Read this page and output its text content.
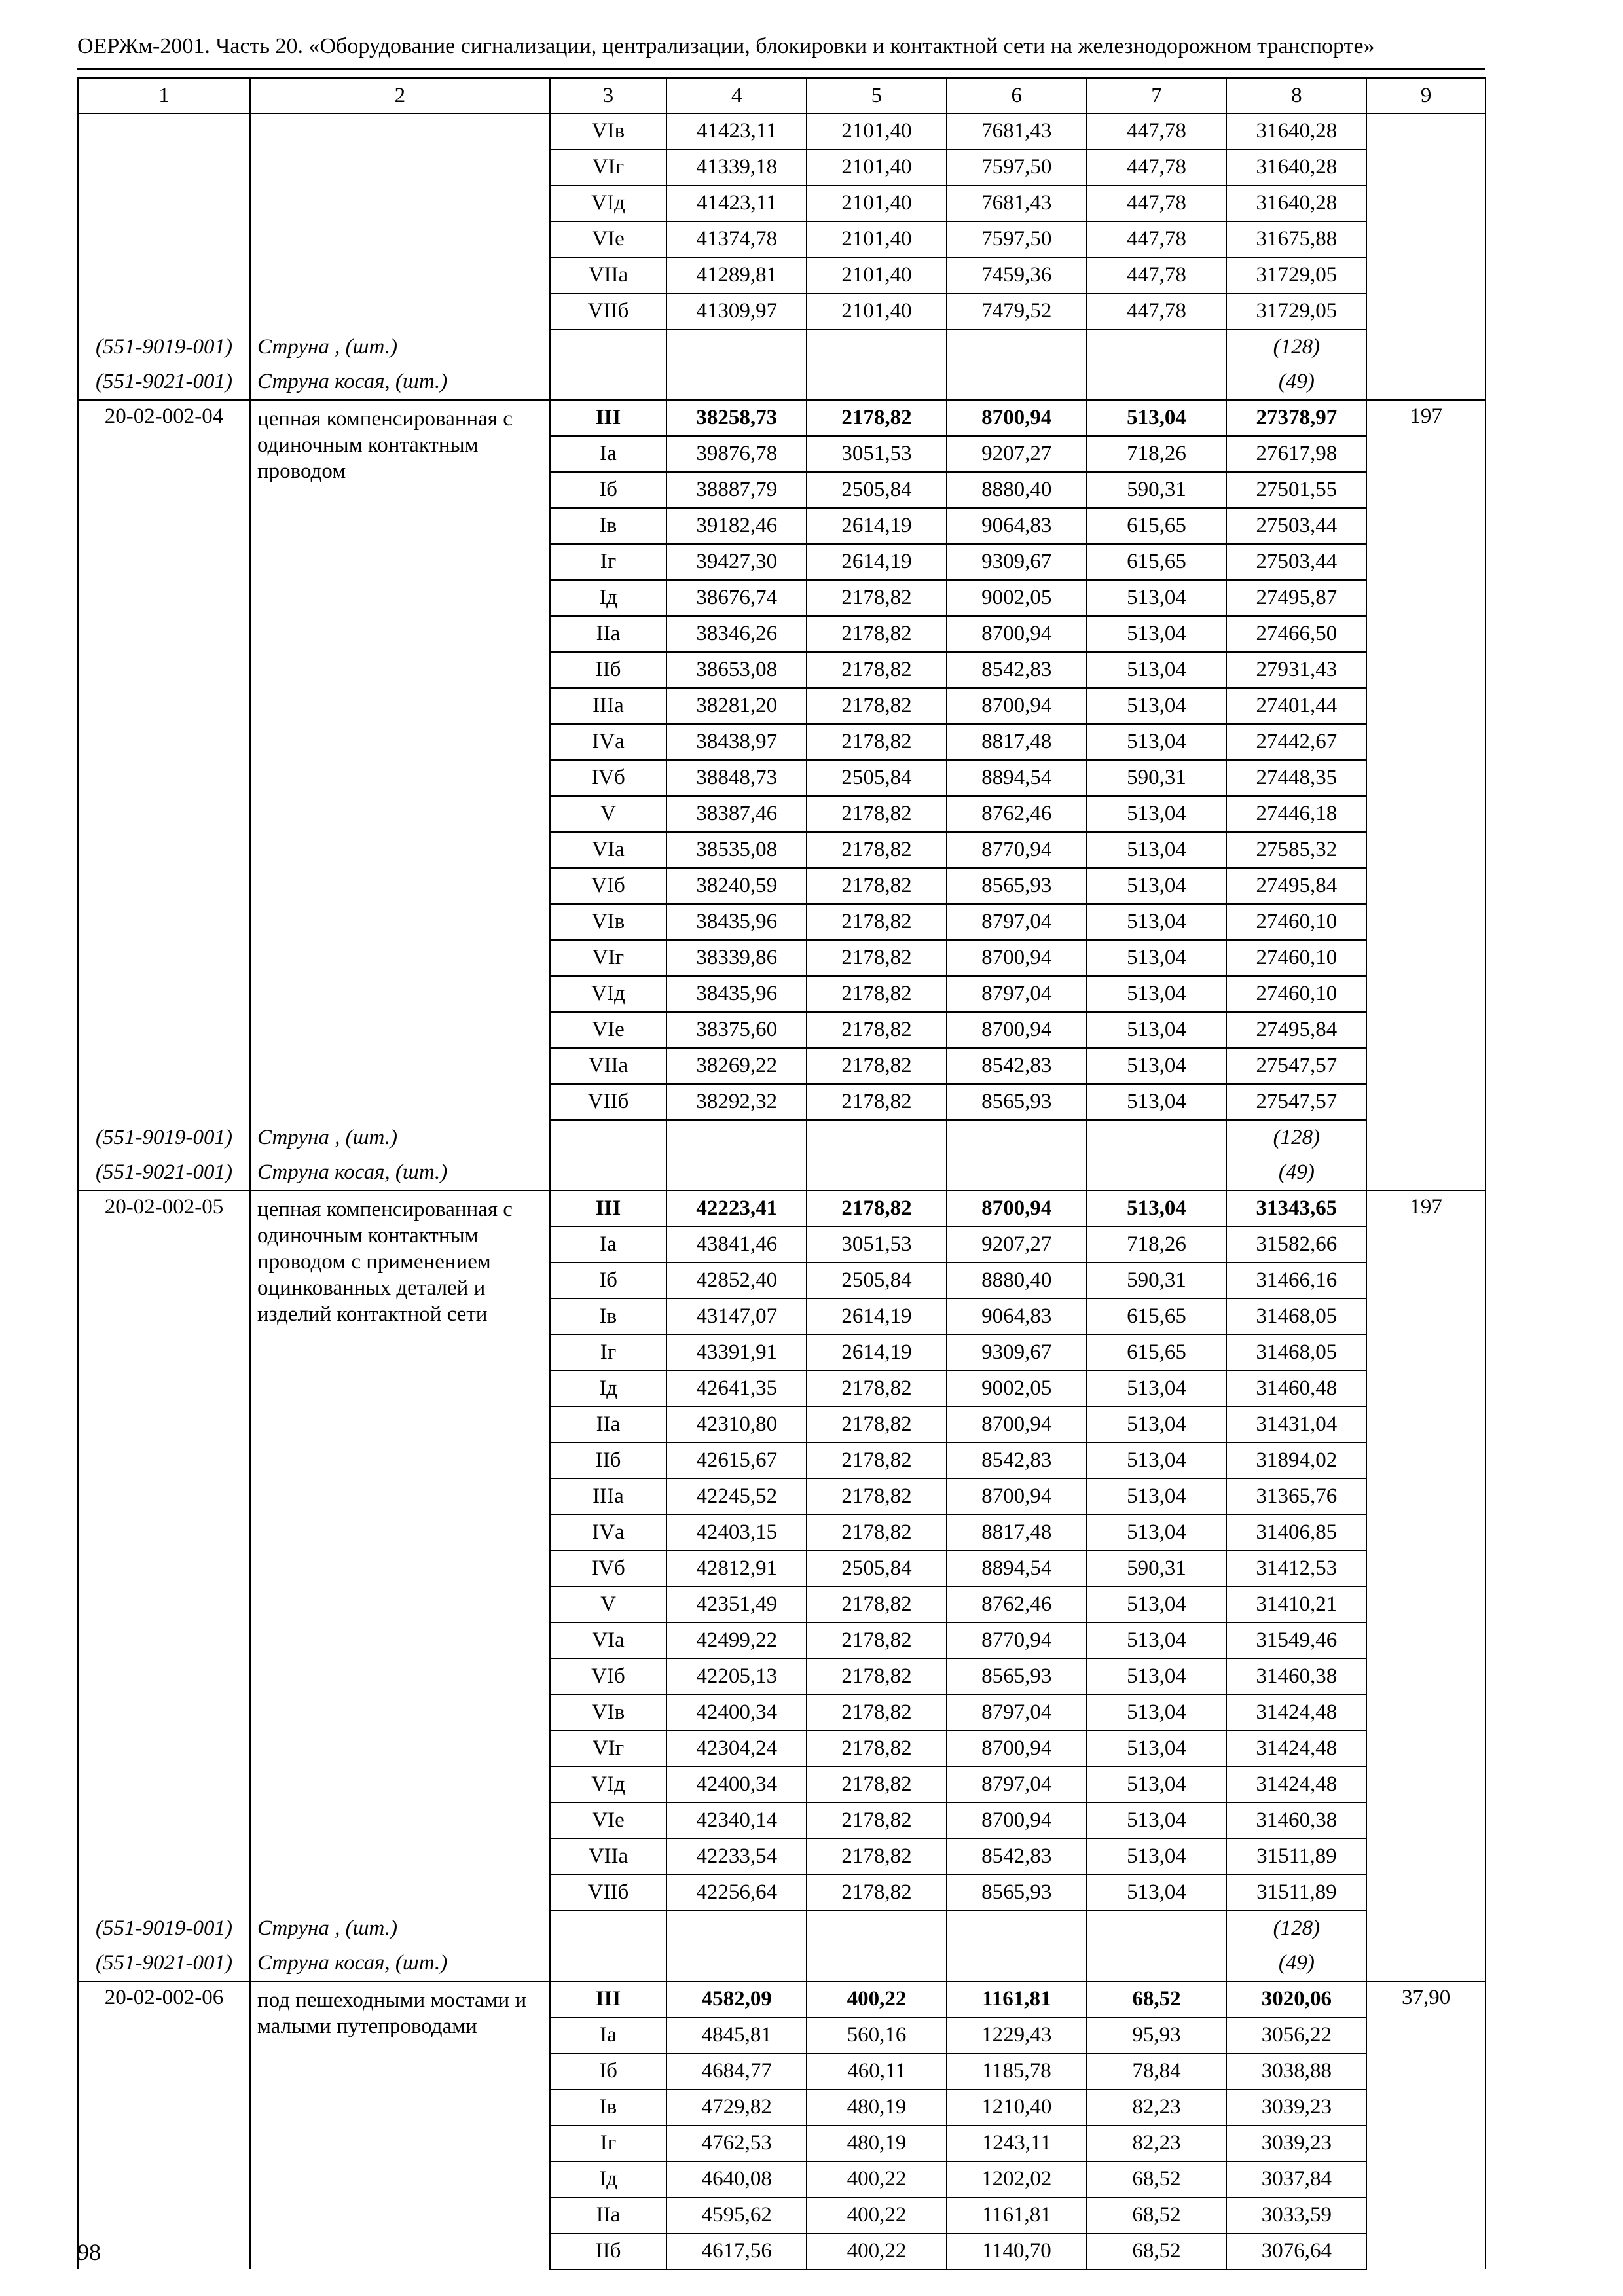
ОЕРЖм-2001. Часть 20. «Оборудование сигнализации, централизации, блокировки и контактной сети на железнодорожном транспорте»
1	2	3	4	5	6	7	8	9
		VIв	41423,11	2101,40	7681,43	447,78	31640,28	
		VIг	41339,18	2101,40	7597,50	447,78	31640,28	
		VIд	41423,11	2101,40	7681,43	447,78	31640,28	
		VIе	41374,78	2101,40	7597,50	447,78	31675,88	
		VIIа	41289,81	2101,40	7459,36	447,78	31729,05	
		VIIб	41309,97	2101,40	7479,52	447,78	31729,05	
(551-9019-001)	Струна , (шт.)						(128)	
(551-9021-001)	Струна косая, (шт.)						(49)	
20-02-002-04	цепная компенсированная с одиночным контактным проводом	III	38258,73	2178,82	8700,94	513,04	27378,97	197
		Iа	39876,78	3051,53	9207,27	718,26	27617,98	
		Iб	38887,79	2505,84	8880,40	590,31	27501,55	
		Iв	39182,46	2614,19	9064,83	615,65	27503,44	
		Iг	39427,30	2614,19	9309,67	615,65	27503,44	
		Iд	38676,74	2178,82	9002,05	513,04	27495,87	
		IIа	38346,26	2178,82	8700,94	513,04	27466,50	
		IIб	38653,08	2178,82	8542,83	513,04	27931,43	
		IIIа	38281,20	2178,82	8700,94	513,04	27401,44	
		IVа	38438,97	2178,82	8817,48	513,04	27442,67	
		IVб	38848,73	2505,84	8894,54	590,31	27448,35	
		V	38387,46	2178,82	8762,46	513,04	27446,18	
		VIа	38535,08	2178,82	8770,94	513,04	27585,32	
		VIб	38240,59	2178,82	8565,93	513,04	27495,84	
		VIв	38435,96	2178,82	8797,04	513,04	27460,10	
		VIг	38339,86	2178,82	8700,94	513,04	27460,10	
		VIд	38435,96	2178,82	8797,04	513,04	27460,10	
		VIе	38375,60	2178,82	8700,94	513,04	27495,84	
		VIIа	38269,22	2178,82	8542,83	513,04	27547,57	
		VIIб	38292,32	2178,82	8565,93	513,04	27547,57	
(551-9019-001)	Струна , (шт.)						(128)	
(551-9021-001)	Струна косая, (шт.)						(49)	
20-02-002-05	цепная компенсированная с одиночным контактным проводом с применением оцинкованных деталей и изделий контактной сети	III	42223,41	2178,82	8700,94	513,04	31343,65	197
		Iа	43841,46	3051,53	9207,27	718,26	31582,66	
		Iб	42852,40	2505,84	8880,40	590,31	31466,16	
		Iв	43147,07	2614,19	9064,83	615,65	31468,05	
		Iг	43391,91	2614,19	9309,67	615,65	31468,05	
		Iд	42641,35	2178,82	9002,05	513,04	31460,48	
		IIа	42310,80	2178,82	8700,94	513,04	31431,04	
		IIб	42615,67	2178,82	8542,83	513,04	31894,02	
		IIIа	42245,52	2178,82	8700,94	513,04	31365,76	
		IVа	42403,15	2178,82	8817,48	513,04	31406,85	
		IVб	42812,91	2505,84	8894,54	590,31	31412,53	
		V	42351,49	2178,82	8762,46	513,04	31410,21	
		VIа	42499,22	2178,82	8770,94	513,04	31549,46	
		VIб	42205,13	2178,82	8565,93	513,04	31460,38	
		VIв	42400,34	2178,82	8797,04	513,04	31424,48	
		VIг	42304,24	2178,82	8700,94	513,04	31424,48	
		VIд	42400,34	2178,82	8797,04	513,04	31424,48	
		VIе	42340,14	2178,82	8700,94	513,04	31460,38	
		VIIа	42233,54	2178,82	8542,83	513,04	31511,89	
		VIIб	42256,64	2178,82	8565,93	513,04	31511,89	
(551-9019-001)	Струна , (шт.)						(128)	
(551-9021-001)	Струна косая, (шт.)						(49)	
20-02-002-06	под пешеходными мостами и малыми путепроводами	III	4582,09	400,22	1161,81	68,52	3020,06	37,90
		Iа	4845,81	560,16	1229,43	95,93	3056,22	
		Iб	4684,77	460,11	1185,78	78,84	3038,88	
		Iв	4729,82	480,19	1210,40	82,23	3039,23	
		Iг	4762,53	480,19	1243,11	82,23	3039,23	
		Iд	4640,08	400,22	1202,02	68,52	3037,84	
		IIа	4595,62	400,22	1161,81	68,52	3033,59	
		IIб	4617,56	400,22	1140,70	68,52	3076,64	
98
